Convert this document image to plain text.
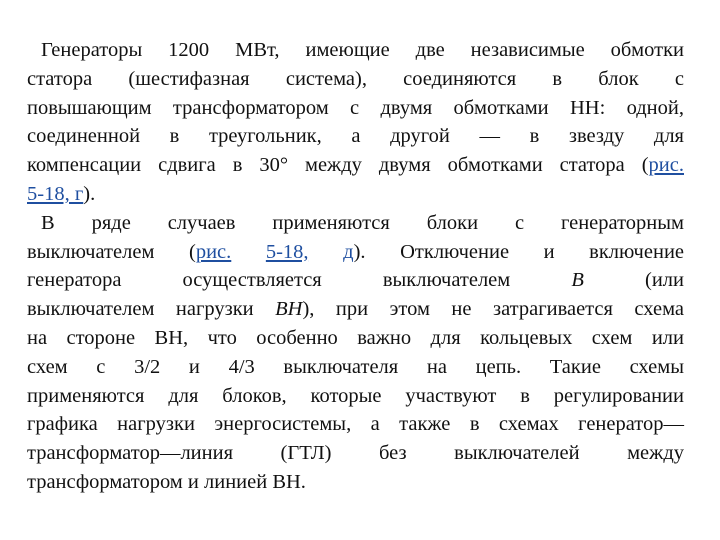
Генераторы 1200 МВт, имеющие две независимые обмотки
статора (шестифазная система), соединяются в блок с
повышающим трансформатором с двумя обмотками НН: одной,
соединенной в треугольник, а другой — в звезду для
компенсации сдвига в 30° между двумя обмотками статора (рис.
5-18, г).
В ряде случаев применяются блоки с генераторным
выключателем (рис. 5-18, д). Отключение и включение
генератора осуществляется выключателем В (или
выключателем нагрузки ВН), при этом не затрагивается схема
на стороне ВН, что особенно важно для кольцевых схем или
схем с 3/2 и 4/3 выключателя на цепь. Такие схемы
применяются для блоков, которые участвуют в регулировании
графика нагрузки энергосистемы, а также в схемах генератор—
трансформатор—линия (ГТЛ) без выключателей между
трансформатором и линией ВН.
